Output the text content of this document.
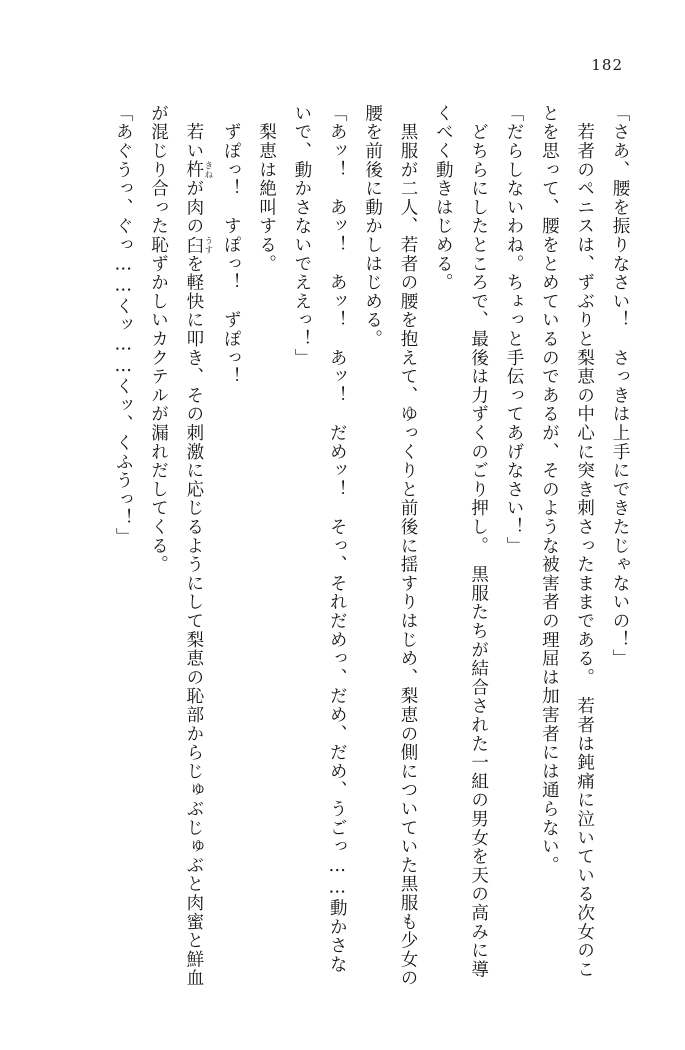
182

「さあ、腰を振りなさい！　さっきは上手にできたじゃないの！」

　若者のペニスは、ずぶりと梨恵の中心に突き刺さったままである。　若者は鈍痛に泣いている次女のことを思って、腰をとめているのであるが、そのような被害者の理屈は加害者には通らない。

「だらしないわね。ちょっと手伝ってあげなさい！」

　どちらにしたところで、最後は力ずくのごり押し。　黒服たちが結合された一組の男女を天の高みに導くべく動きはじめる。

　黒服が二人、若者の腰を抱えて、ゆっくりと前後に揺すりはじめ、梨恵の側についていた黒服も少女の腰を前後に動かしはじめる。

「あッ！　あッ！　あッ！　あッ！　だめッ！　そっ、それだめっ、だめ、だめ、うごっ……動かさないで、動かさないでええっ！」

　梨恵は絶叫する。

　ずぽっ！　すぽっ！　ずぽっ！

　若い杵 きねが肉の臼 うすを軽快に叩き、その刺激に応じるようにして梨恵の恥部からじゅぶじゅぶと肉蜜と鮮血が混じり合った恥ずかしいカクテルが漏れだしてくる。

「あぐうっ、ぐっ……くッ……くッ、くふうっ！」
